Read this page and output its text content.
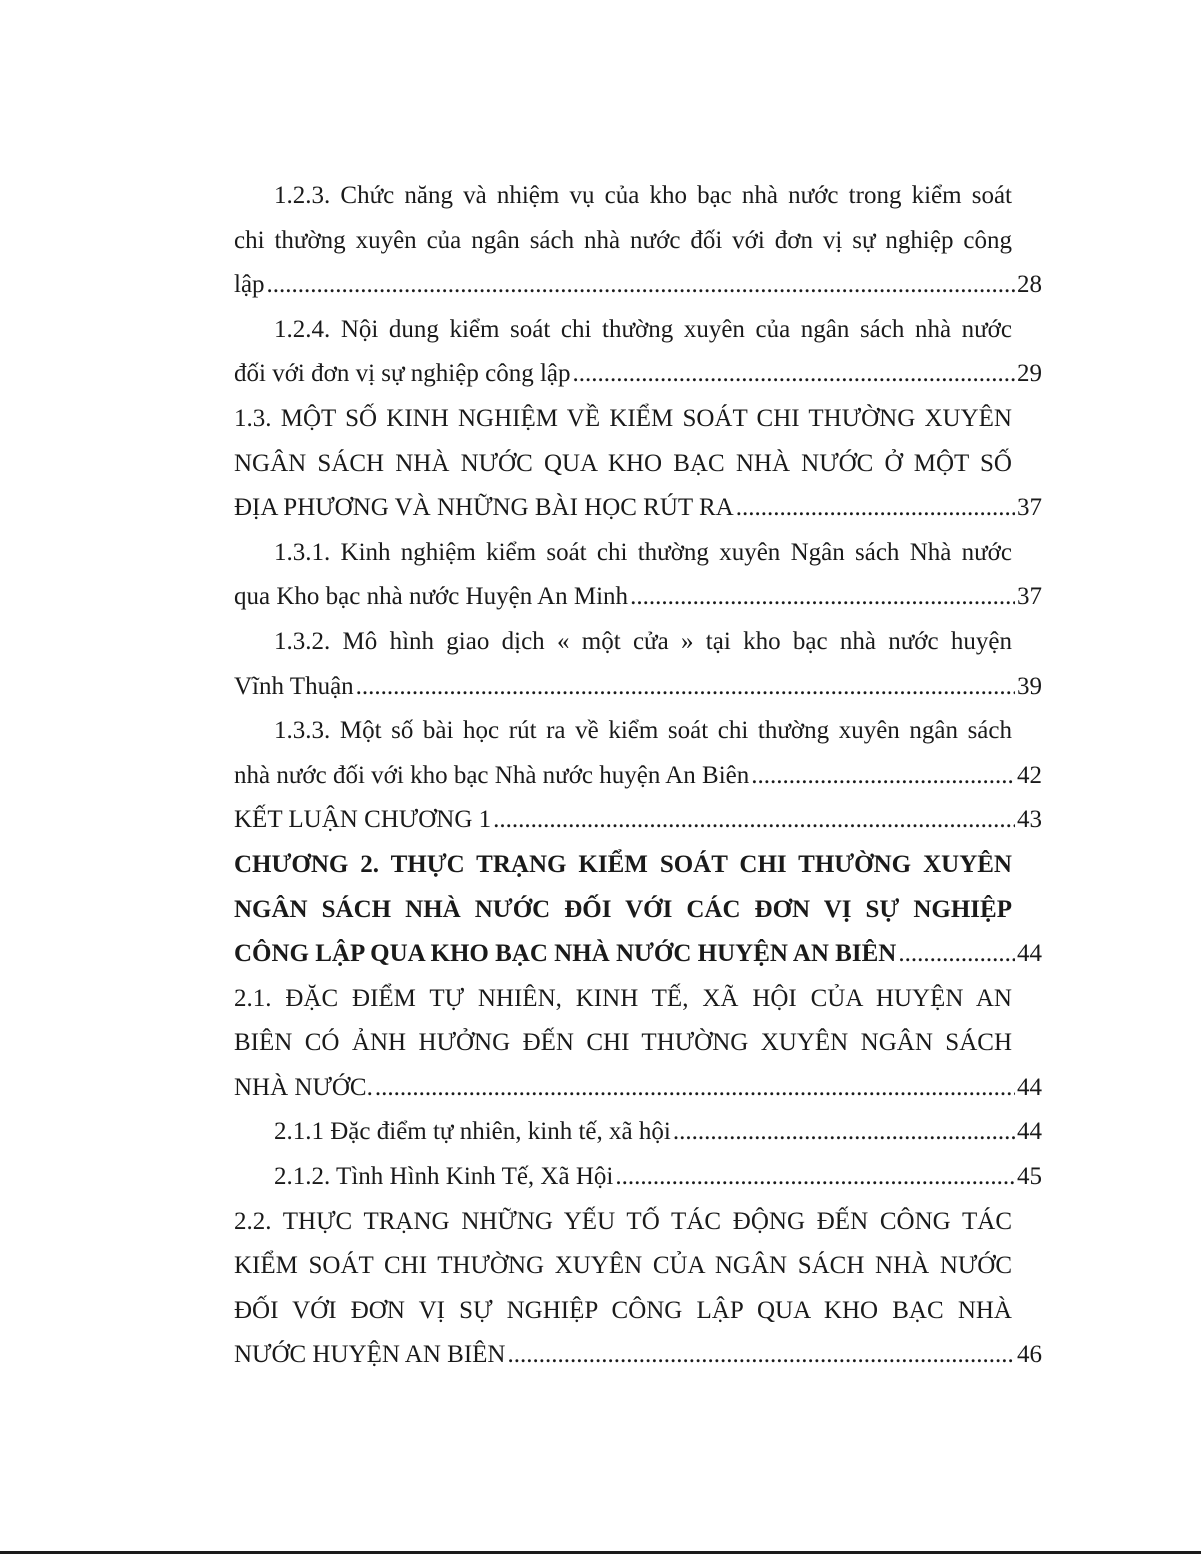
1.2.3. Chức năng và nhiệm vụ của kho bạc nhà nước trong kiểm soát
chi thường xuyên của ngân sách nhà nước đối với đơn vị sự nghiệp công
lập .....	28
1.2.4. Nội dung kiểm soát chi thường xuyên của ngân sách nhà nước
đối với đơn vị sự nghiệp công lập .....	29
1.3. MỘT SỐ KINH NGHIỆM VỀ KIỂM SOÁT CHI THƯỜNG XUYÊN
NGÂN SÁCH NHÀ NƯỚC QUA KHO BẠC NHÀ NƯỚC Ở MỘT SỐ
ĐỊA PHƯƠNG VÀ NHỮNG BÀI HỌC RÚT RA .....	37
1.3.1. Kinh nghiệm kiểm soát chi thường xuyên Ngân sách Nhà nước
qua Kho bạc nhà nước Huyện An Minh .....	37
1.3.2. Mô hình giao dịch « một cửa » tại kho bạc nhà nước huyện
Vĩnh Thuận .....	39
1.3.3. Một số bài học rút ra về kiểm soát chi thường xuyên ngân sách
nhà nước đối với kho bạc Nhà nước huyện An Biên .....	42
KẾT LUẬN CHƯƠNG 1 .....	43
CHƯƠNG 2. THỰC TRẠNG KIỂM SOÁT CHI THƯỜNG XUYÊN
NGÂN SÁCH NHÀ NƯỚC ĐỐI VỚI CÁC ĐƠN VỊ SỰ NGHIỆP
CÔNG LẬP QUA KHO BẠC NHÀ NƯỚC HUYỆN AN BIÊN .....	44
2.1. ĐẶC ĐIỂM TỰ NHIÊN, KINH TẾ, XÃ HỘI CỦA HUYỆN AN
BIÊN CÓ ẢNH HƯỞNG ĐẾN CHI THƯỜNG XUYÊN NGÂN SÁCH
NHÀ NƯỚC. .....	44
2.1.1 Đặc điểm tự nhiên, kinh tế, xã hội .....	44
2.1.2. Tình Hình Kinh Tế, Xã Hội .....	45
2.2. THỰC TRẠNG NHỮNG YẾU TỐ TÁC ĐỘNG ĐẾN CÔNG TÁC
KIỂM SOÁT CHI THƯỜNG XUYÊN CỦA NGÂN SÁCH NHÀ NƯỚC
ĐỐI VỚI ĐƠN VỊ SỰ NGHIỆP CÔNG LẬP QUA KHO BẠC NHÀ
NƯỚC HUYỆN AN BIÊN .....	46
